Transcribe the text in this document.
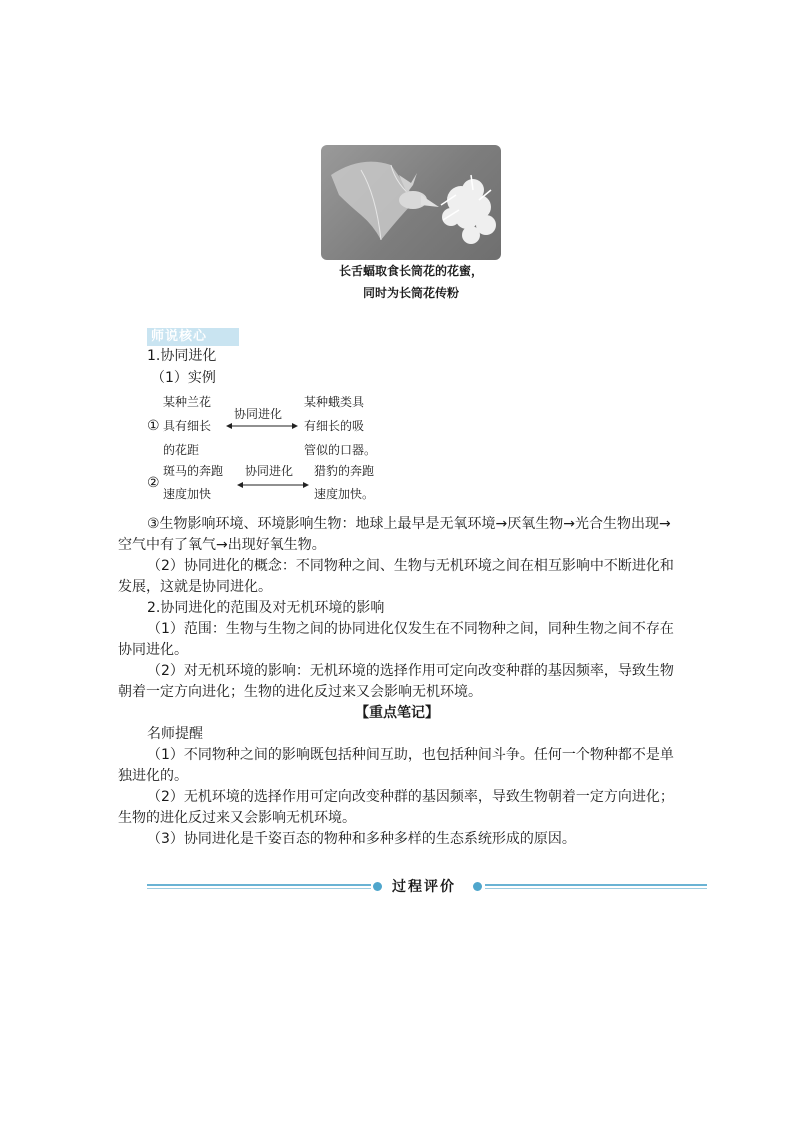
长舌蝠取食长筒花的花蜜，
同时为长筒花传粉
师说核心
1.协同进化
（1）实例
某种兰花
① 具有细长
的花距
协同进化
某种蛾类具
有细长的吸
管似的口器。
斑马的奔跑
②
速度加快
协同进化 猎豹的奔跑
速度加快。
③生物影响环境、环境影响生物：地球上最早是无氧环境→厌氧生物→光合生物出现→
空气中有了氧气→出现好氧生物。
（2）协同进化的概念：不同物种之间、生物与无机环境之间在相互影响中不断进化和
发展，这就是协同进化。
2.协同进化的范围及对无机环境的影响
（1）范围：生物与生物之间的协同进化仅发生在不同物种之间，同种生物之间不存在
协同进化。
（2）对无机环境的影响：无机环境的选择作用可定向改变种群的基因频率，导致生物
朝着一定方向进化；生物的进化反过来又会影响无机环境。
【重点笔记】
名师提醒
（1）不同物种之间的影响既包括种间互助，也包括种间斗争。任何一个物种都不是单
独进化的。
（2）无机环境的选择作用可定向改变种群的基因频率，导致生物朝着一定方向进化；
生物的进化反过来又会影响无机环境。
（3）协同进化是千姿百态的物种和多种多样的生态系统形成的原因。
过程评价
